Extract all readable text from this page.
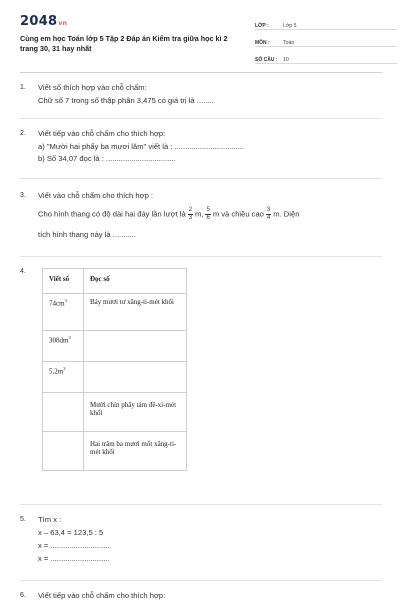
2048vn
Cùng em học Toán lớp 5 Tập 2 Đáp án Kiểm tra giữa học kì 2 trang 30, 31 hay nhất
LỚP :	Lớp 5
MÔN :	Toán
SỐ CÂU :	10
1. Viết số thích hợp vào chỗ chấm:
Chữ số 7 trong số thập phân 3,475 có giá trị là ........
2. Viết tiếp vào chỗ chấm cho thích hợp:
a) "Mười hai phẩy ba mươi lăm" viết là : .................................
b) Số 34,07 đọc là : .................................
3. Viết vào chỗ chấm cho thích hợp :
Cho hình thang có độ dài hai đáy lần lượt là $\frac{2}{3} m$, $\frac{5}{6}$ m và chiều cao $\frac{3}{4} m$. Diện
tích hình thang này là ...........
4.
Viết số	Đọc số
$74cm^3$	Bảy mươi tư xăng-ti-mét khối
$308dm^3$	
$5,2m^3$	
	Mười chín phẩy tám đề-xi-mét khối
	Hai trăm ba mươi mốt xăng-ti-mét khối
5. Tìm x :
x – 63,4 = 123,5 : 5
x = ............................
x = ............................
6. Viết tiếp vào chỗ chấm cho thích hợp:
